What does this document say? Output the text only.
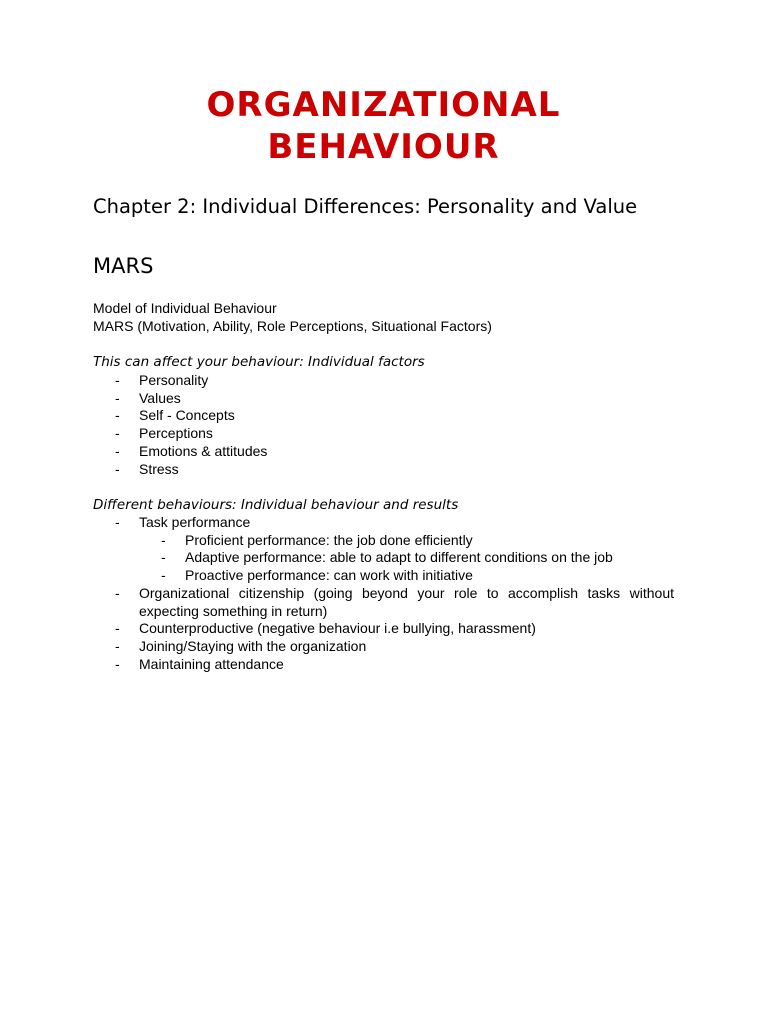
ORGANIZATIONAL
BEHAVIOUR
Chapter 2: Individual Differences: Personality and Value
MARS
Model of Individual Behaviour
MARS (Motivation, Ability, Role Perceptions, Situational Factors)

This can affect your behaviour: Individual factors

- Personality
- Values
- Self - Concepts
- Perceptions
- Emotions & attitudes
- Stress

Different behaviours: Individual behaviour and results

- Task performance
- Proficient performance: the job done efficiently
- Adaptive performance: able to adapt to different conditions on the job
- Proactive performance: can work with initiative
- Organizational citizenship (going beyond your role to accomplish tasks without expecting something in return)
- Counterproductive (negative behaviour i.e bullying, harassment)
- Joining/Staying with the organization
- Maintaining attendance
